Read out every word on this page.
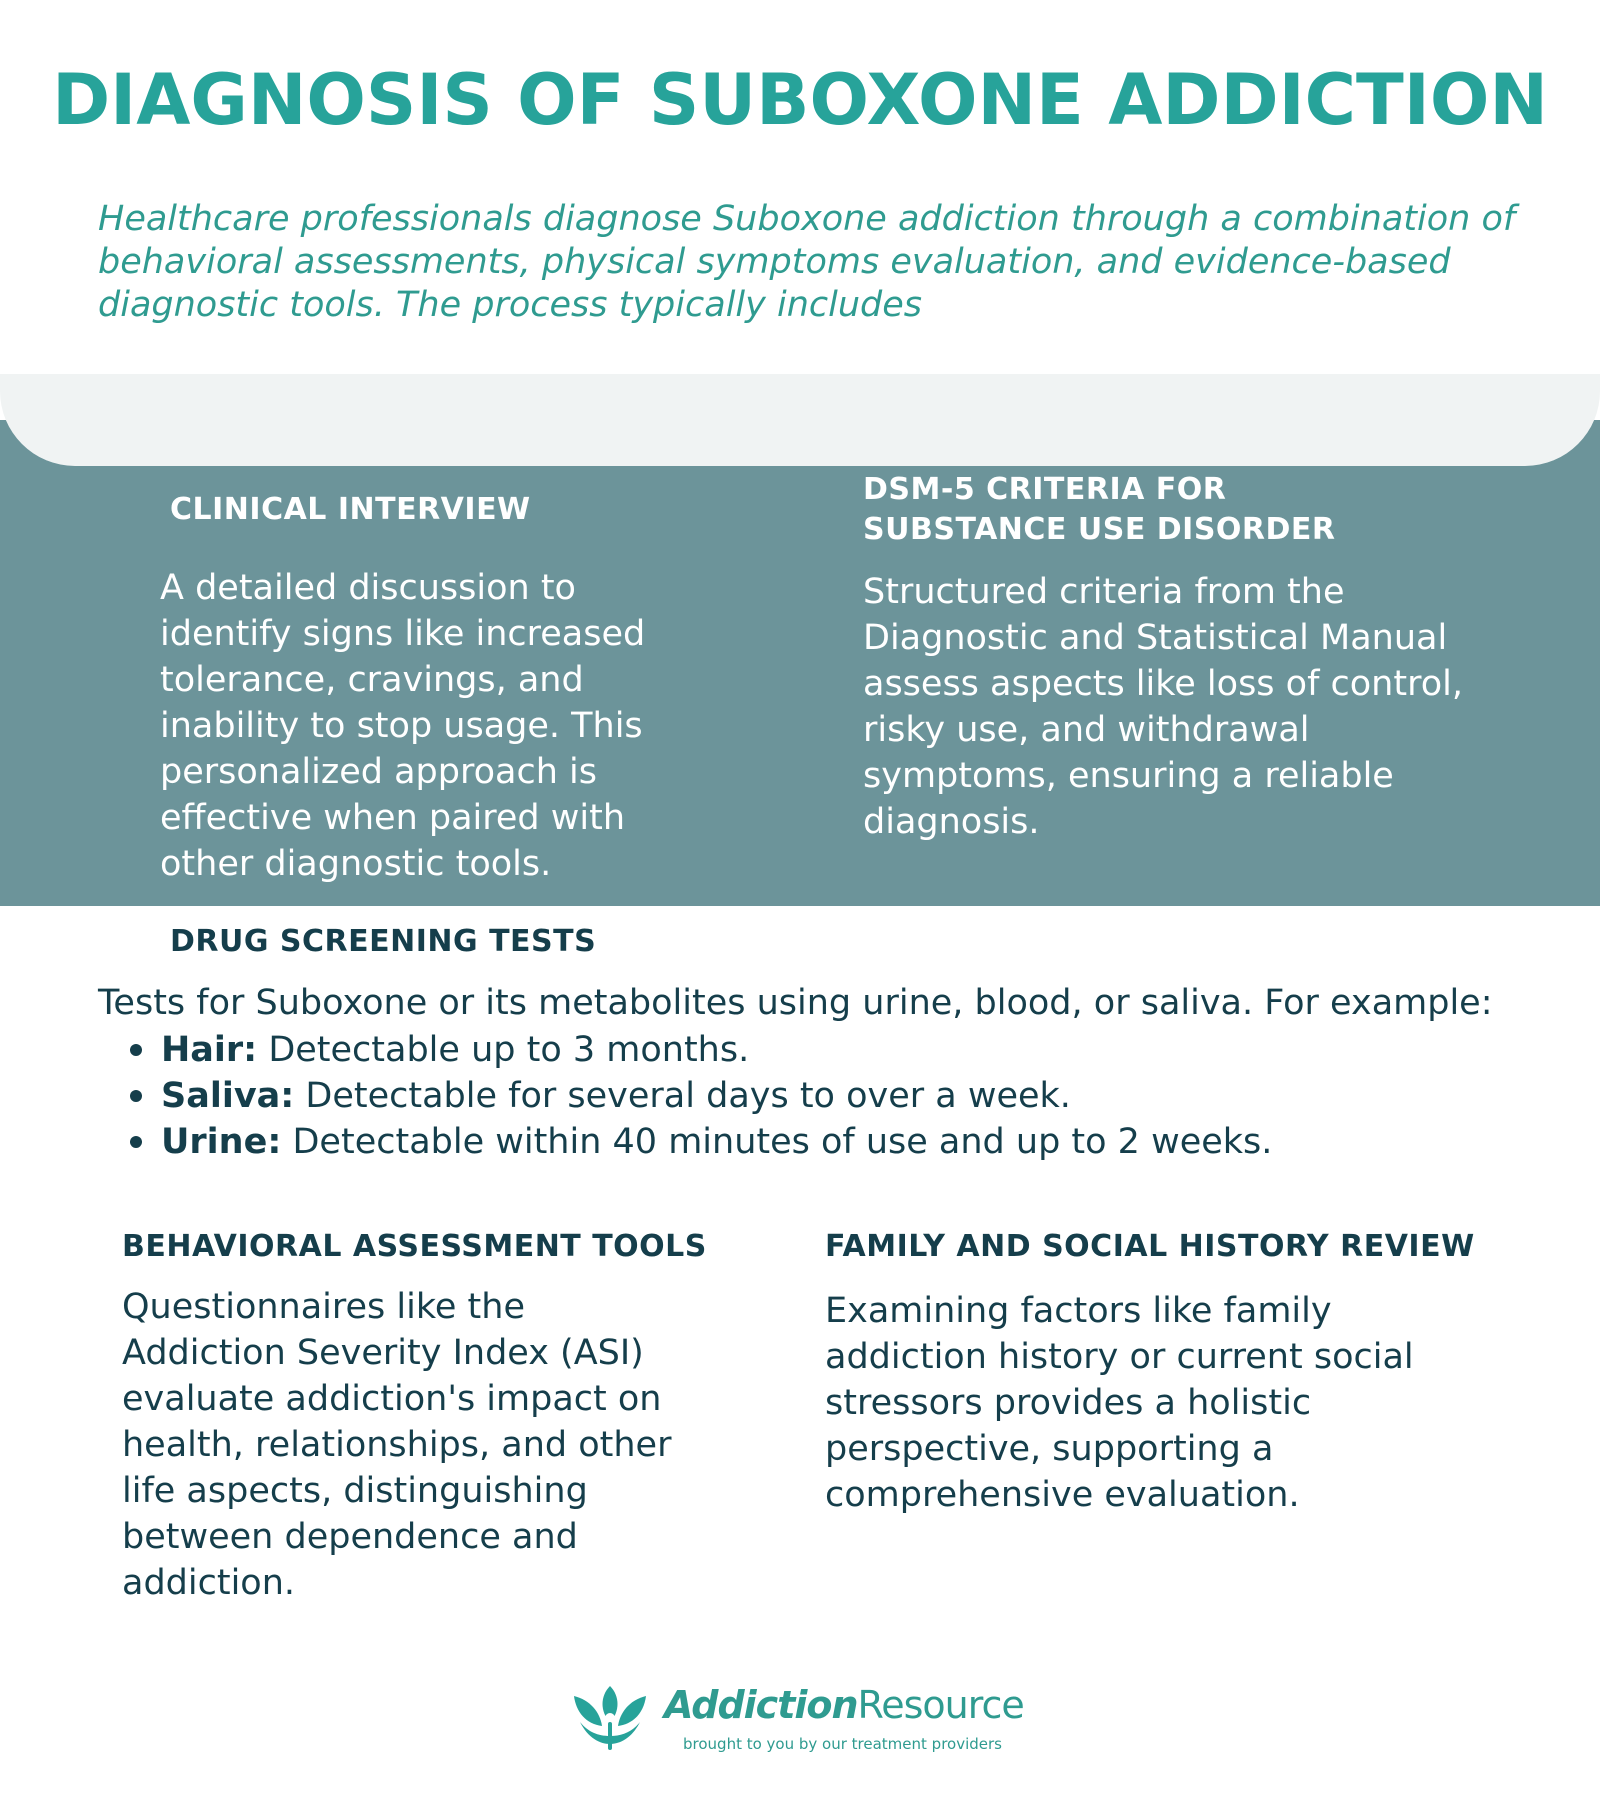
DIAGNOSIS OF SUBOXONE ADDICTION

Healthcare professionals diagnose Suboxone addiction through a combination of behavioral assessments, physical symptoms evaluation, and evidence-based diagnostic tools. The process typically includes

CLINICAL INTERVIEW

A detailed discussion to identify signs like increased tolerance, cravings, and inability to stop usage. This personalized approach is effective when paired with other diagnostic tools.

DSM-5 CRITERIA FOR
SUBSTANCE USE DISORDER

Structured criteria from the Diagnostic and Statistical Manual assess aspects like loss of control, risky use, and withdrawal symptoms, ensuring a reliable diagnosis.

DRUG SCREENING TESTS

Tests for Suboxone or its metabolites using urine, blood, or saliva. For example:

Hair: Detectable up to 3 months.
Saliva: Detectable for several days to over a week.
Urine: Detectable within 40 minutes of use and up to 2 weeks.
BEHAVIORAL ASSESSMENT TOOLS

Questionnaires like the Addiction Severity Index (ASI) evaluate addiction's impact on health, relationships, and other life aspects, distinguishing between dependence and addiction.

FAMILY AND SOCIAL HISTORY REVIEW

Examining factors like family addiction history or current social stressors provides a holistic perspective, supporting a comprehensive evaluation.

AddictionResource
brought to you by our treatment providers
